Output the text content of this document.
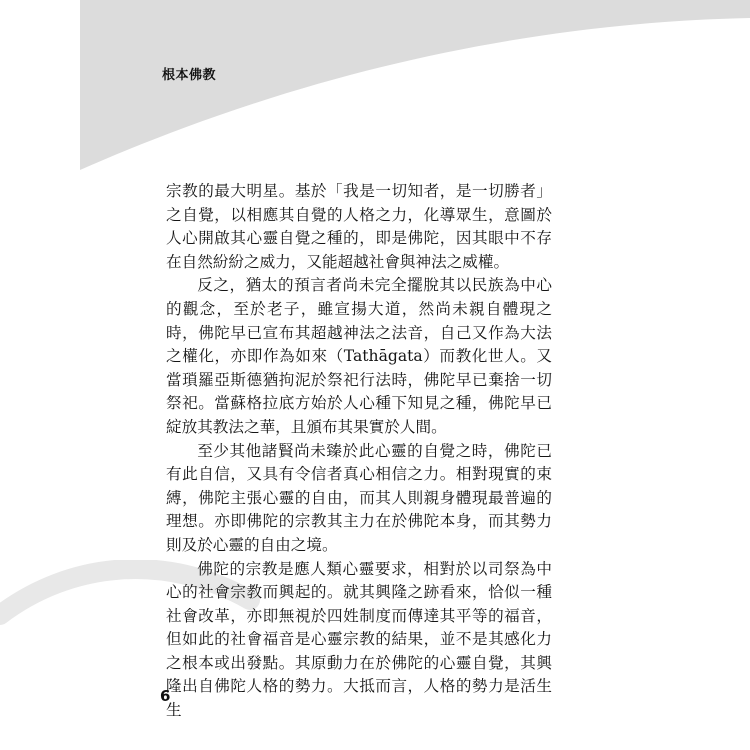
根本佛教

宗教的最大明星。基於「我是一切知者，是一切勝者」之自覺，以相應其自覺的人格之力，化導眾生，意圖於人心開啟其心靈自覺之種的，即是佛陀，因其眼中不存在自然紛紛之威力，又能超越社會與神法之威權。

反之，猶太的預言者尚未完全擺脫其以民族為中心的觀念，至於老子，雖宣揚大道，然尚未親自體現之時，佛陀早已宣布其超越神法之法音，自己又作為大法之權化，亦即作為如來（Tathāgata）而教化世人。又當瑣羅亞斯德猶拘泥於祭祀行法時，佛陀早已棄捨一切祭祀。當蘇格拉底方始於人心種下知見之種，佛陀早已綻放其教法之華，且頒布其果實於人間。

至少其他諸賢尚未臻於此心靈的自覺之時，佛陀已有此自信，又具有令信者真心相信之力。相對現實的束縛，佛陀主張心靈的自由，而其人則親身體現最普遍的理想。亦即佛陀的宗教其主力在於佛陀本身，而其勢力則及於心靈的自由之境。

佛陀的宗教是應人類心靈要求，相對於以司祭為中心的社會宗教而興起的。就其興隆之跡看來，恰似一種社會改革，亦即無視於四姓制度而傳達其平等的福音，但如此的社會福音是心靈宗教的結果，並不是其感化力之根本或出發點。其原動力在於佛陀的心靈自覺，其興隆出自佛陀人格的勢力。大抵而言，人格的勢力是活生生

6
